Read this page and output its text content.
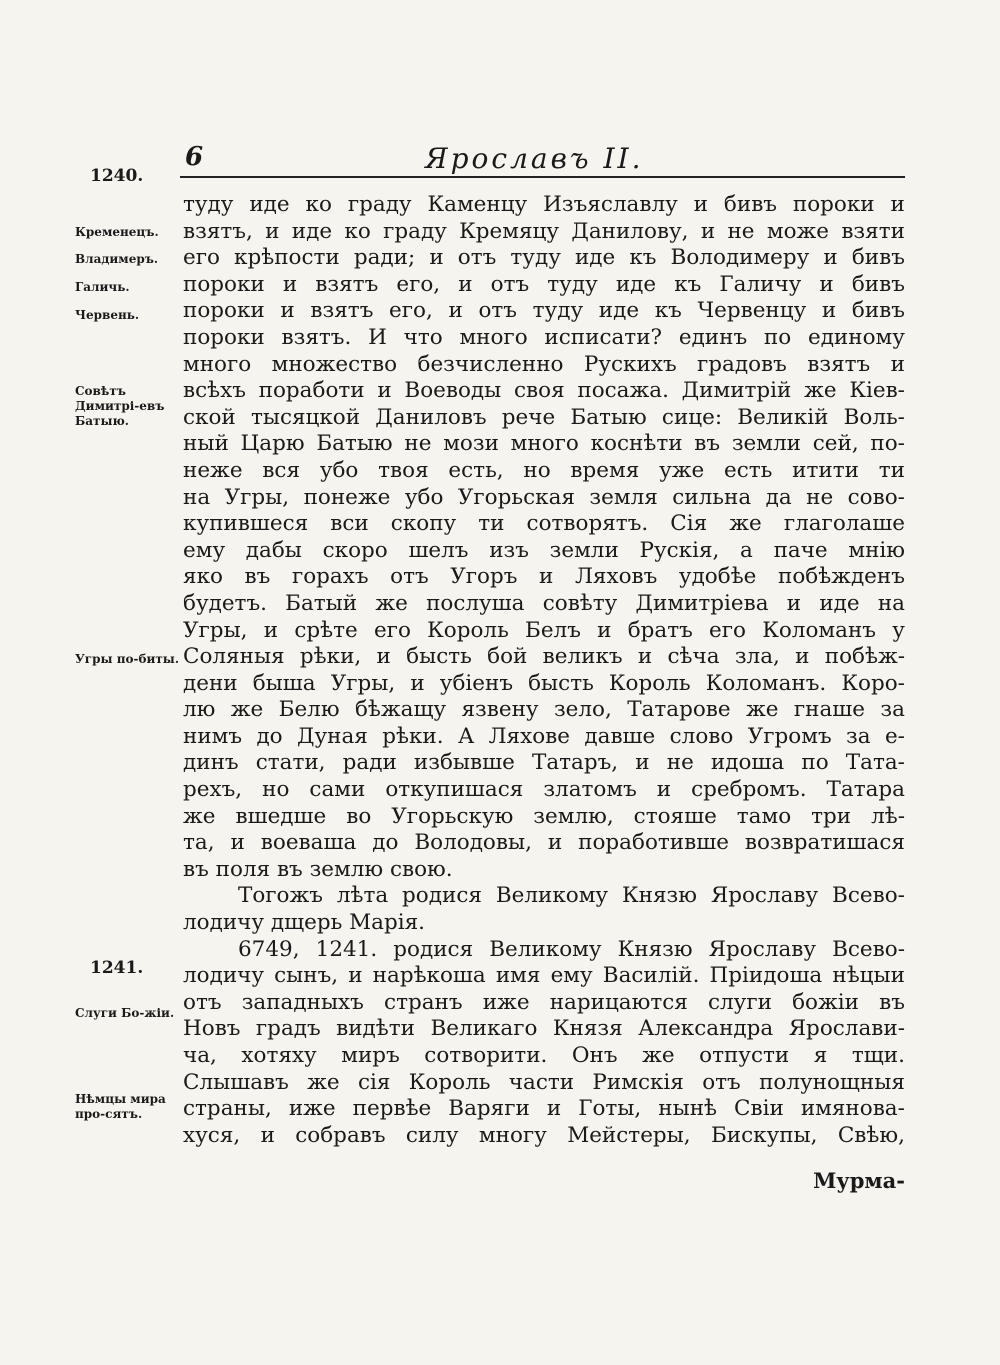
6	Ярославъ II.
1240.
1241.
Кременецъ.
Владимеръ.
Галичь.
Червень.
Совѣтъ Димитрі-евъ Батыю.
Угры по-биты.
Слуги Бо-жіи.
Нѣмцы мира про-сятъ.
туду иде ко граду Каменцу Изъяславлу и бивъ пороки и
взятъ, и иде ко граду Кремяцу Данилову, и не може взяти
его крѣпости ради; и отъ туду иде къ Володимеру и бивъ
пороки и взятъ его, и отъ туду иде къ Галичу и бивъ
пороки и взятъ его, и отъ туду иде къ Червенцу и бивъ
пороки взятъ. И что много исписати? единъ по единому
много множество безчисленно Рускихъ градовъ взятъ и
всѣхъ поработи и Воеводы своя посажа. Димитрій же Кіев-
ской тысяцкой Даниловъ рече Батыю сице: Великій Воль-
ный Царю Батыю не мози много коснѣти въ земли сей, по-
неже вся убо твоя есть, но время уже есть итити ти
на Угры, понеже убо Угорьская земля сильна да не сово-
купившеся вси скопу ти сотворятъ. Сія же глаголаше
ему дабы скоро шелъ изъ земли Рускія, а паче мнію
яко въ горахъ отъ Угоръ и Ляховъ удобѣе побѣжденъ
будетъ. Батый же послуша совѣту Димитріева и иде на
Угры, и срѣте его Король Белъ и братъ его Коломанъ у
Соляныя рѣки, и бысть бой великъ и сѣча зла, и побѣж-
дени быша Угры, и убіенъ бысть Король Коломанъ. Коро-
лю же Белю бѣжащу язвену зело, Татарове же гнаше за
нимъ до Дуная рѣки. А Ляхове давше слово Угромъ за е-
динъ стати, ради избывше Татаръ, и не идоша по Тата-
рехъ, но сами откупишася златомъ и сребромъ. Татара
же вшедше во Угорьскую землю, стояше тамо три лѣ-
та, и воеваша до Володовы, и поработивше возвратишася
въ поля въ землю свою.
Тогожъ лѣта родися Великому Князю Ярославу Всево-
лодичу дщерь Марія.
6749, 1241. родися Великому Князю Ярославу Всево-
лодичу сынъ, и нарѣкоша имя ему Василій. Пріидоша нѣцыи
отъ западныхъ странъ иже нарицаются слуги божіи въ
Новъ градъ видѣти Великаго Князя Александра Ярослави-
ча, хотяху миръ сотворити. Онъ же отпусти я тщи.
Слышавъ же сія Король части Римскія отъ полунощныя
страны, иже первѣе Варяги и Готы, нынѣ Свіи имянова-
хуся, и собравъ силу многу Мейстеры, Бискупы, Свѣю,
Мурма-
